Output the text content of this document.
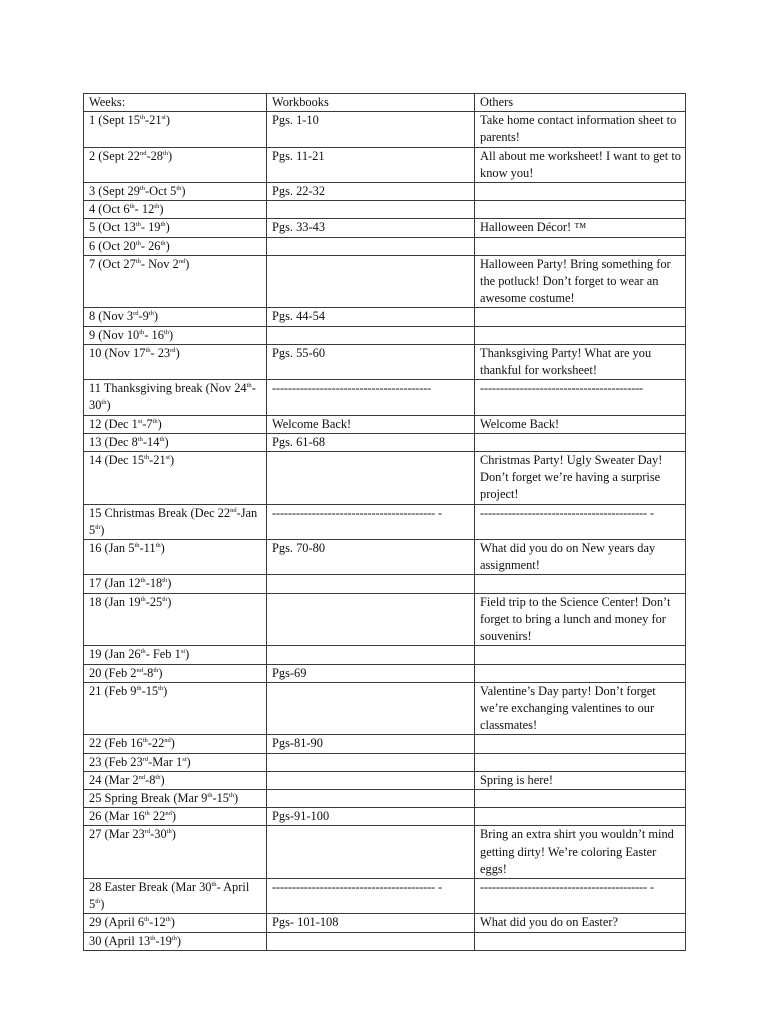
Weeks:	Workbooks	Others

1 (Sept 15th-21st)	Pgs. 1-10	Take home contact information sheet to parents!

2 (Sept 22nd-28th)	Pgs. 11-21	All about me worksheet! I want to get to know you!

3 (Sept 29th-Oct 5th)	Pgs. 22-32	

4 (Oct 6th- 12th)		

5 (Oct 13th- 19th)	Pgs. 33-43	Halloween Décor! ™

6 (Oct 20th- 26th)		

7 (Oct 27th- Nov 2nd)		Halloween Party! Bring something for the potluck! Don’t forget to wear an awesome costume!

8 (Nov 3rd-9th)	Pgs. 44-54	

9 (Nov 10th- 16th)		

10 (Nov 17th- 23rd)	Pgs. 55-60	Thanksgiving Party! What are you thankful for worksheet!

11 Thanksgiving break (Nov 24th- 30th)	----------------------------------------	-----------------------------------------

12 (Dec 1st-7th)	Welcome Back!	Welcome Back!

13 (Dec 8th-14th)	Pgs. 61-68	

14 (Dec 15th-21st)		Christmas Party! Ugly Sweater Day! Don’t forget we’re having a surprise project!

15 Christmas Break (Dec 22nd-Jan 5th)	----------------------------------------- -	------------------------------------------ -

16 (Jan 5th-11th)	Pgs. 70-80	What did you do on New years day assignment!

17 (Jan 12th-18th)		

18 (Jan 19th-25th)		Field trip to the Science Center! Don’t forget to bring a lunch and money for souvenirs!

19 (Jan 26th- Feb 1st)		

20 (Feb 2nd-8th)	Pgs-69	

21 (Feb 9th-15th)		Valentine’s Day party! Don’t forget we’re exchanging valentines to our classmates!

22 (Feb 16th-22nd)	Pgs-81-90	

23 (Feb 23rd-Mar 1st)		

24 (Mar 2nd-8th)		Spring is here!

25 Spring Break (Mar 9th-15th)		

26 (Mar 16th 22nd)	Pgs-91-100	

27 (Mar 23rd-30th)		Bring an extra shirt you wouldn’t mind getting dirty! We’re coloring Easter eggs!

28 Easter Break (Mar 30th- April 5th)	----------------------------------------- -	------------------------------------------ -

29 (April 6th-12th)	Pgs- 101-108	What did you do on Easter?

30 (April 13th-19th)		
